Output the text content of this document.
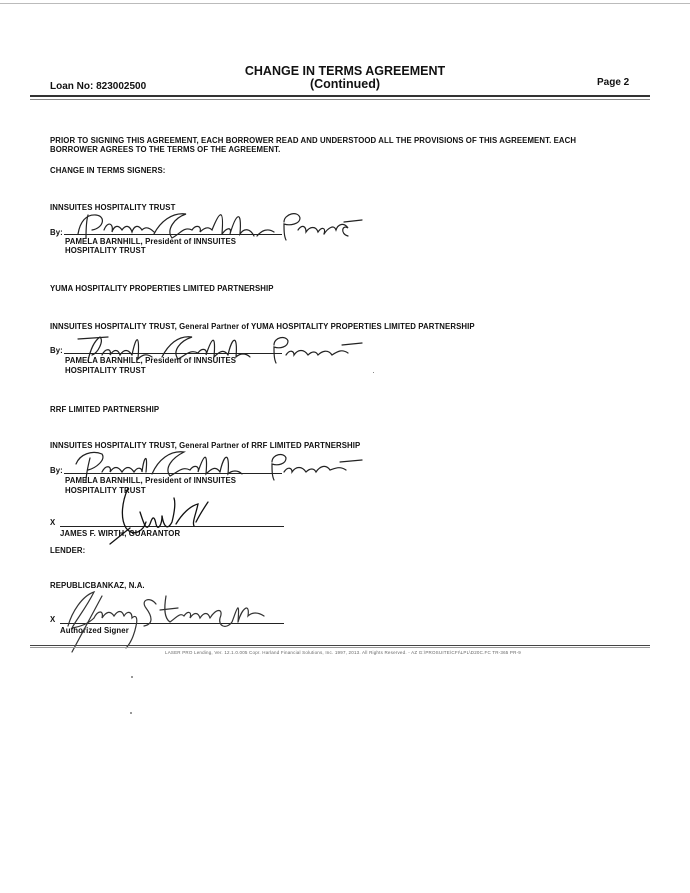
CHANGE IN TERMS AGREEMENT
(Continued)
Loan No: 823002500	Page 2
PRIOR TO SIGNING THIS AGREEMENT, EACH BORROWER READ AND UNDERSTOOD ALL THE PROVISIONS OF THIS AGREEMENT. EACH
BORROWER AGREES TO THE TERMS OF THE AGREEMENT.
CHANGE IN TERMS SIGNERS:
INNSUITES HOSPITALITY TRUST
By:
PAMELA BARNHILL, President of INNSUITES
HOSPITALITY TRUST
YUMA HOSPITALITY PROPERTIES LIMITED PARTNERSHIP
INNSUITES HOSPITALITY TRUST, General Partner of YUMA HOSPITALITY PROPERTIES LIMITED PARTNERSHIP
By:
PAMELA BARNHILL, President of INNSUITES
HOSPITALITY TRUST
RRF LIMITED PARTNERSHIP
INNSUITES HOSPITALITY TRUST, General Partner of RRF LIMITED PARTNERSHIP
By:
PAMELA BARNHILL, President of INNSUITES
HOSPITALITY TRUST
X
JAMES F. WIRTH, GUARANTOR
LENDER:
REPUBLICBANKAZ, N.A.
X
Authorized Signer
LASER PRO Lending, Ver. 12.1.0.005 Copr. Harland Financial Solutions, Inc. 1997, 2013. All Rights Reserved. - AZ G:\PROSUITE\CFI\LPL\D20C.FC TR-365 PR-9
